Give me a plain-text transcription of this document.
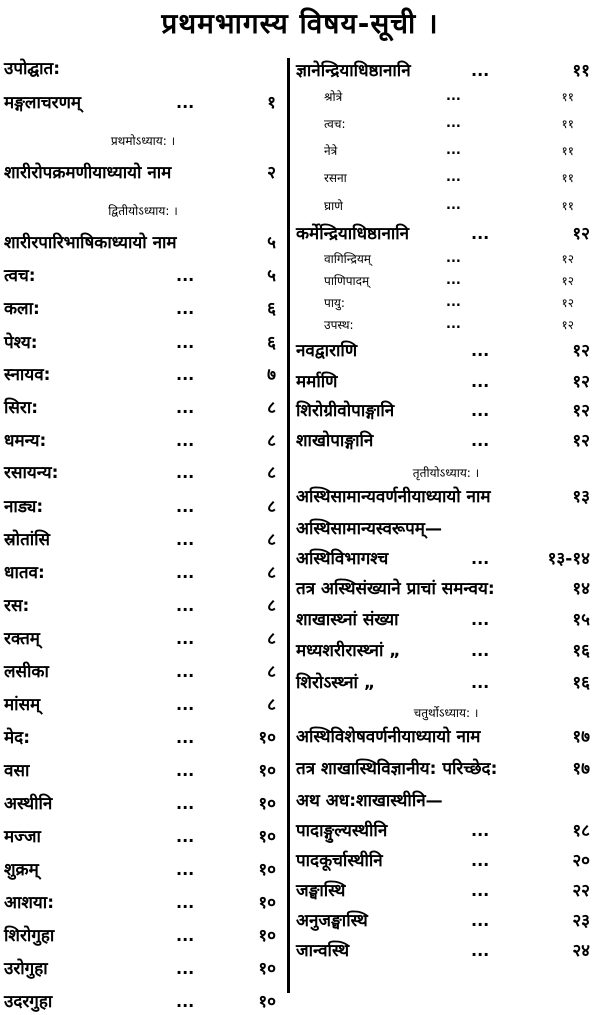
प्रथमभागस्य विषय-सूची ।
उपोद्घात:
मङ्गलाचरणम्	...	१
प्रथमोऽध्याय: ।
शारीरोपक्रमणीयाध्यायो नाम	२
द्वितीयोऽध्याय: ।
शारीरपारिभाषिकाध्यायो नाम	५
त्वच:	...	५
कला:	...	६
पेश्य:	...	६
स्नायव:	...	७
सिरा:	...	८
धमन्य:	...	८
रसायन्य:	...	८
नाड्य:	...	८
स्रोतांसि	...	८
धातव:	...	८
रस:	...	८
रक्तम्	...	८
लसीका	...	८
मांसम्	...	८
मेद:	...	१०
वसा	...	१०
अस्थीनि	...	१०
मज्जा	...	१०
शुक्रम्	...	१०
आशया:	...	१०
शिरोगुहा	...	१०
उरोगुहा	...	१०
उदरगुहा	...	१०
ज्ञानेन्द्रियाधिष्ठानानि	...	११
श्रोत्रे	...	११
त्वच:	...	११
नेत्रे	...	११
रसना	...	११
घ्राणे	...	११
कर्मेन्द्रियाधिष्ठानानि	...	१२
वागिन्द्रियम्	...	१२
पाणिपादम्	...	१२
पायु:	...	१२
उपस्थ:	...	१२
नवद्वाराणि	...	१२
मर्माणि	...	१२
शिरोग्रीवोपाङ्गानि	...	१२
शाखोपाङ्गानि	...	१२
तृतीयोऽध्याय: ।
अस्थिसामान्यवर्णनीयाध्यायो नाम	१३
अस्थिसामान्यस्वरूपम्—
अस्थिविभागश्च	...	१३-१४
तत्र अस्थिसंख्याने प्राचां समन्वय:	१४
शाखास्थ्नां संख्या	...	१५
मध्यशरीरास्थ्नां „	...	१६
शिरोऽस्थ्नां „	...	१६
चतुर्थोऽध्याय: ।
अस्थिविशेषवर्णनीयाध्यायो नाम	१७
तत्र शाखास्थिविज्ञानीय: परिच्छेद:	१७
अथ अध:शाखास्थीनि—
पादाङ्गुल्यस्थीनि	...	१८
पादकूर्चास्थीनि	...	२०
जङ्घास्थि	...	२२
अनुजङ्घास्थि	...	२३
जान्वस्थि	...	२४
